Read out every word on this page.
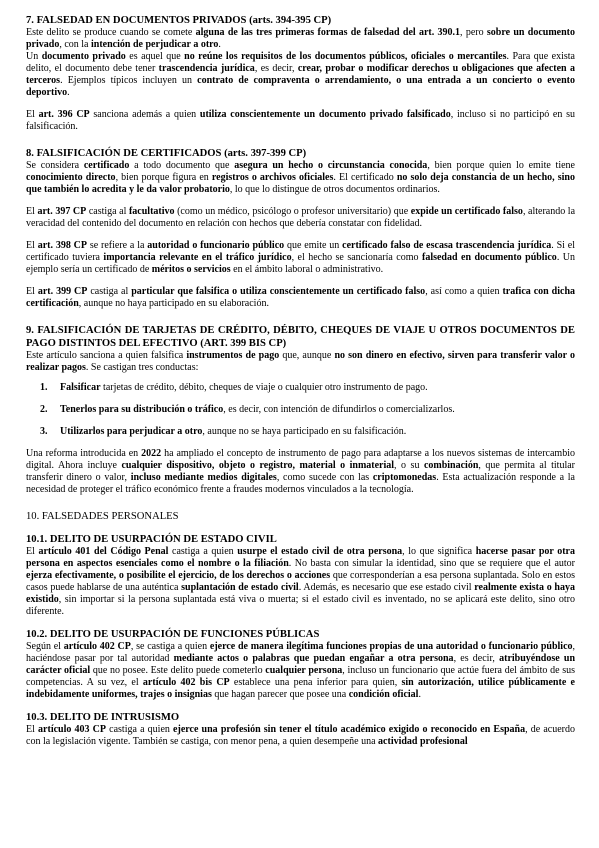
7. FALSEDAD EN DOCUMENTOS PRIVADOS (arts. 394-395 CP)

Este delito se produce cuando se comete alguna de las tres primeras formas de falsedad del art. 390.1, pero sobre un documento privado, con la intención de perjudicar a otro.

Un documento privado es aquel que no reúne los requisitos de los documentos públicos, oficiales o mercantiles. Para que exista delito, el documento debe tener trascendencia jurídica, es decir, crear, probar o modificar derechos u obligaciones que afecten a terceros. Ejemplos típicos incluyen un contrato de compraventa o arrendamiento, o una entrada a un concierto o evento deportivo.

El art. 396 CP sanciona además a quien utiliza conscientemente un documento privado falsificado, incluso si no participó en su falsificación.

8. FALSIFICACIÓN DE CERTIFICADOS (arts. 397-399 CP)

Se considera certificado a todo documento que asegura un hecho o circunstancia conocida, bien porque quien lo emite tiene conocimiento directo, bien porque figura en registros o archivos oficiales. El certificado no solo deja constancia de un hecho, sino que también lo acredita y le da valor probatorio, lo que lo distingue de otros documentos ordinarios.

El art. 397 CP castiga al facultativo (como un médico, psicólogo o profesor universitario) que expide un certificado falso, alterando la veracidad del contenido del documento en relación con hechos que debería constatar con fidelidad.

El art. 398 CP se refiere a la autoridad o funcionario público que emite un certificado falso de escasa trascendencia jurídica. Si el certificado tuviera importancia relevante en el tráfico jurídico, el hecho se sancionaría como falsedad en documento público. Un ejemplo sería un certificado de méritos o servicios en el ámbito laboral o administrativo.

El art. 399 CP castiga al particular que falsifica o utiliza conscientemente un certificado falso, así como a quien trafica con dicha certificación, aunque no haya participado en su elaboración.

9. FALSIFICACIÓN DE TARJETAS DE CRÉDITO, DÉBITO, CHEQUES DE VIAJE U OTROS DOCUMENTOS DE PAGO DISTINTOS DEL EFECTIVO (ART. 399 BIS CP)

Este artículo sanciona a quien falsifica instrumentos de pago que, aunque no son dinero en efectivo, sirven para transferir valor o realizar pagos. Se castigan tres conductas:

1. Falsificar tarjetas de crédito, débito, cheques de viaje o cualquier otro instrumento de pago.
2. Tenerlos para su distribución o tráfico, es decir, con intención de difundirlos o comercializarlos.
3. Utilizarlos para perjudicar a otro, aunque no se haya participado en su falsificación.

Una reforma introducida en 2022 ha ampliado el concepto de instrumento de pago para adaptarse a los nuevos sistemas de intercambio digital. Ahora incluye cualquier dispositivo, objeto o registro, material o inmaterial, o su combinación, que permita al titular transferir dinero o valor, incluso mediante medios digitales, como sucede con las criptomonedas. Esta actualización responde a la necesidad de proteger el tráfico económico frente a fraudes modernos vinculados a la tecnología.

10. FALSEDADES PERSONALES
10.1. DELITO DE USURPACIÓN DE ESTADO CIVIL

El artículo 401 del Código Penal castiga a quien usurpe el estado civil de otra persona, lo que significa hacerse pasar por otra persona en aspectos esenciales como el nombre o la filiación. No basta con simular la identidad, sino que se requiere que el autor ejerza efectivamente, o posibilite el ejercicio, de los derechos o acciones que corresponderían a esa persona suplantada. Solo en estos casos puede hablarse de una auténtica suplantación de estado civil. Además, es necesario que ese estado civil realmente exista o haya existido, sin importar si la persona suplantada está viva o muerta; si el estado civil es inventado, no se aplicará este delito, sino otro diferente.

10.2. DELITO DE USURPACIÓN DE FUNCIONES PÚBLICAS

Según el artículo 402 CP, se castiga a quien ejerce de manera ilegítima funciones propias de una autoridad o funcionario público, haciéndose pasar por tal autoridad mediante actos o palabras que puedan engañar a otra persona, es decir, atribuyéndose un carácter oficial que no posee. Este delito puede cometerlo cualquier persona, incluso un funcionario que actúe fuera del ámbito de sus competencias. A su vez, el artículo 402 bis CP establece una pena inferior para quien, sin autorización, utilice públicamente e indebidamente uniformes, trajes o insignias que hagan parecer que posee una condición oficial.

10.3. DELITO DE INTRUSISMO

El artículo 403 CP castiga a quien ejerce una profesión sin tener el título académico exigido o reconocido en España, de acuerdo con la legislación vigente. También se castiga, con menor pena, a quien desempeñe una actividad profesional
